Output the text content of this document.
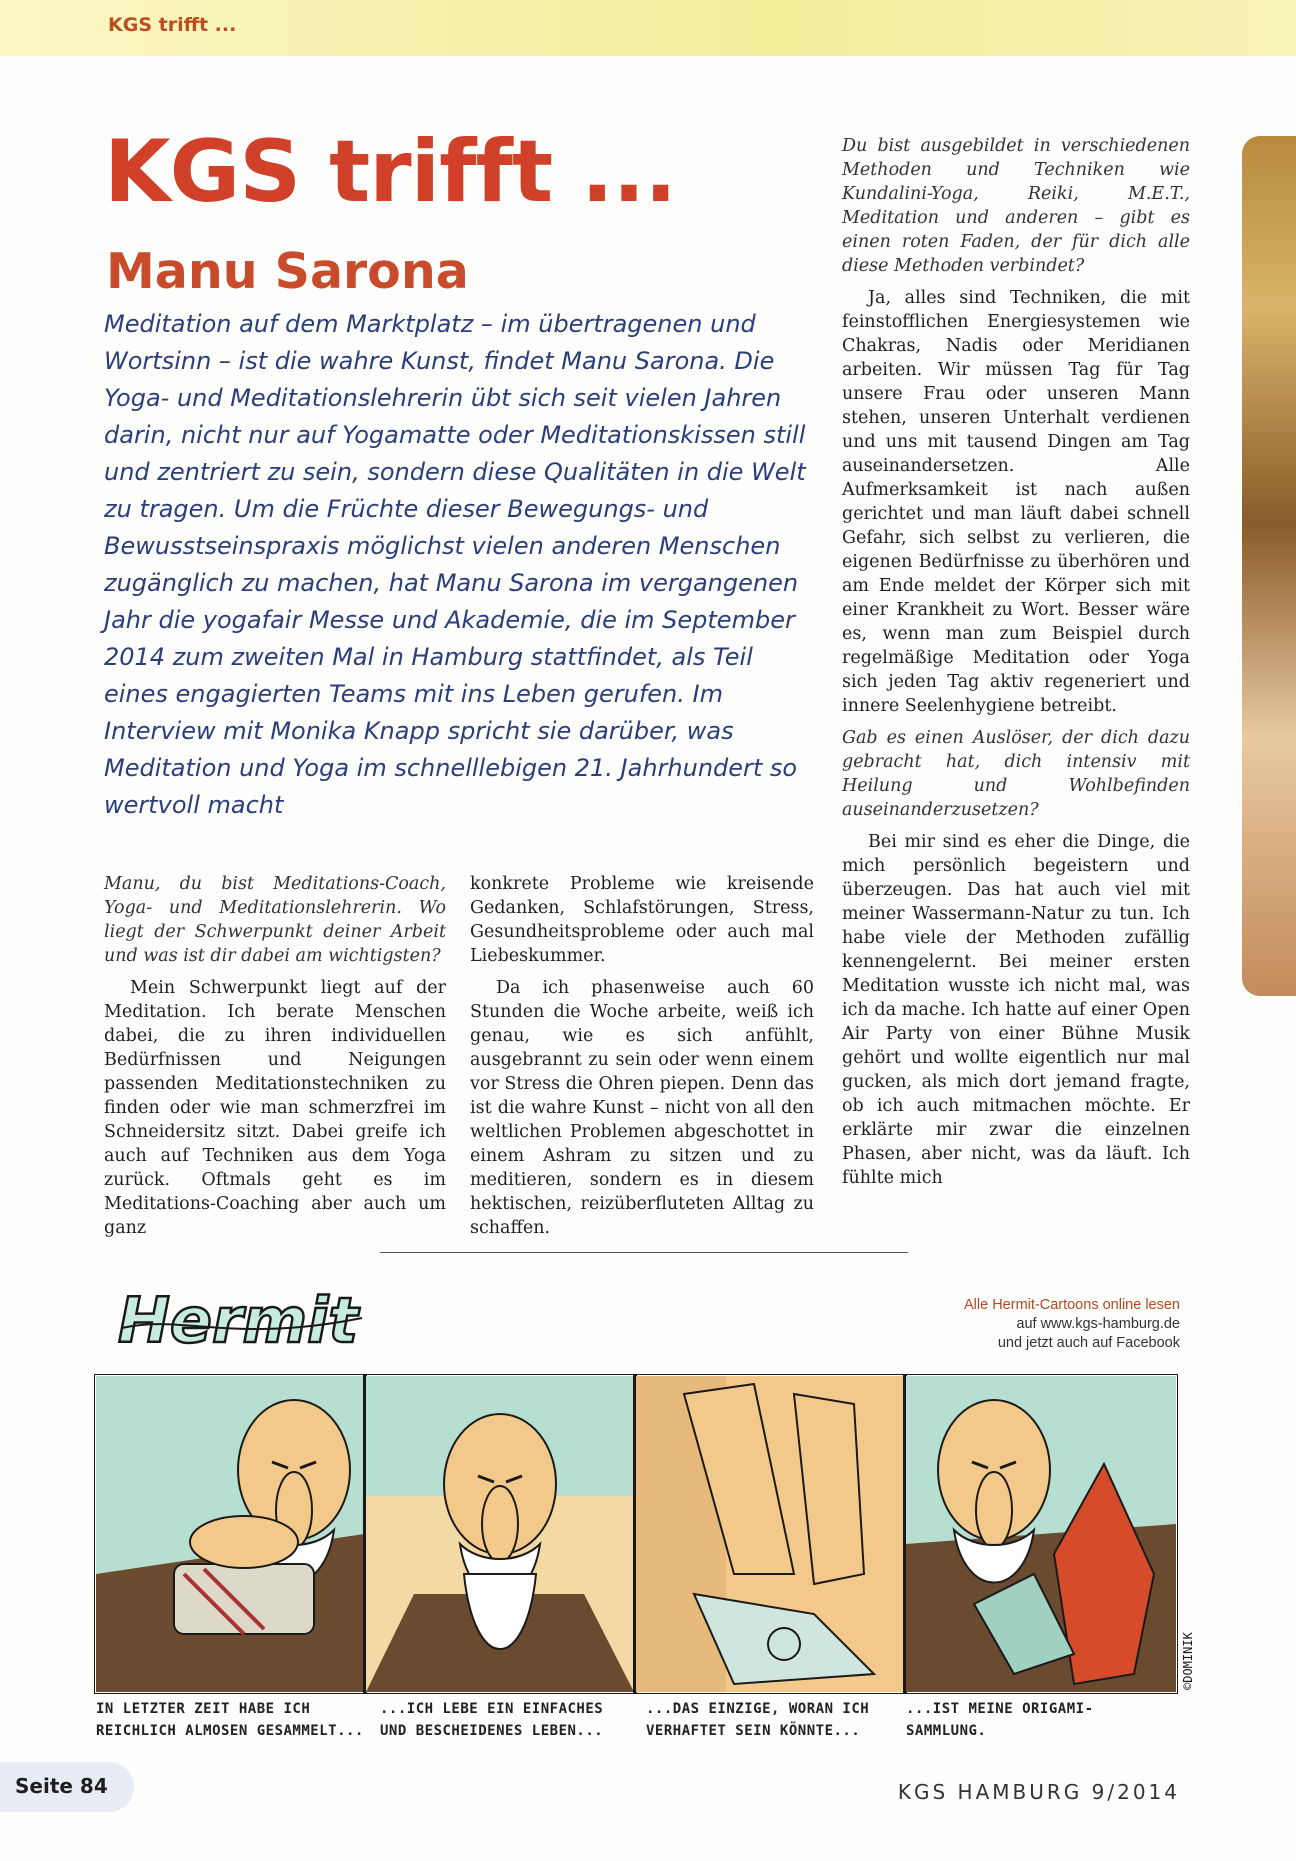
KGS trifft ...
KGS trifft ...
Manu Sarona
Meditation auf dem Marktplatz – im übertragenen und Wortsinn – ist die wahre Kunst, findet Manu Sarona. Die Yoga- und Meditationslehrerin übt sich seit vielen Jahren darin, nicht nur auf Yogamatte oder Meditationskissen still und zentriert zu sein, sondern diese Qualitäten in die Welt zu tragen. Um die Früchte dieser Bewegungs- und Bewusstseinspraxis möglichst vielen anderen Menschen zugänglich zu machen, hat Manu Sarona im vergangenen Jahr die yogafair Messe und Akademie, die im September 2014 zum zweiten Mal in Hamburg stattfindet, als Teil eines engagierten Teams mit ins Leben gerufen. Im Interview mit Monika Knapp spricht sie darüber, was Meditation und Yoga im schnelllebigen 21. Jahrhundert so wertvoll macht

Manu, du bist Meditations-Coach, Yoga- und Meditationslehrerin. Wo liegt der Schwerpunkt deiner Arbeit und was ist dir dabei am wichtigsten?

Mein Schwerpunkt liegt auf der Meditation. Ich berate Menschen dabei, die zu ihren individuellen Bedürfnissen und Neigungen passenden Meditationstechniken zu finden oder wie man schmerzfrei im Schneidersitz sitzt. Dabei greife ich auch auf Techniken aus dem Yoga zurück. Oftmals geht es im Meditations-Coaching aber auch um ganz

konkrete Probleme wie kreisende Gedanken, Schlafstörungen, Stress, Gesundheitsprobleme oder auch mal Liebeskummer.

Da ich phasenweise auch 60 Stunden die Woche arbeite, weiß ich genau, wie es sich anfühlt, ausgebrannt zu sein oder wenn einem vor Stress die Ohren piepen. Denn das ist die wahre Kunst – nicht von all den weltlichen Problemen abgeschottet in einem Ashram zu sitzen und zu meditieren, sondern es in diesem hektischen, reizüberfluteten Alltag zu schaffen.

Du bist ausgebildet in verschiedenen Methoden und Techniken wie Kundalini-Yoga, Reiki, M.E.T., Meditation und anderen – gibt es einen roten Faden, der für dich alle diese Methoden verbindet?

Ja, alles sind Techniken, die mit feinstofflichen Energiesystemen wie Chakras, Nadis oder Meridianen arbeiten. Wir müssen Tag für Tag unsere Frau oder unseren Mann stehen, unseren Unterhalt verdienen und uns mit tausend Dingen am Tag auseinandersetzen. Alle Aufmerksamkeit ist nach außen gerichtet und man läuft dabei schnell Gefahr, sich selbst zu verlieren, die eigenen Bedürfnisse zu überhören und am Ende meldet der Körper sich mit einer Krankheit zu Wort. Besser wäre es, wenn man zum Beispiel durch regelmäßige Meditation oder Yoga sich jeden Tag aktiv regeneriert und innere Seelenhygiene betreibt.

Gab es einen Auslöser, der dich dazu gebracht hat, dich intensiv mit Heilung und Wohlbefinden auseinanderzusetzen?

Bei mir sind es eher die Dinge, die mich persönlich begeistern und überzeugen. Das hat auch viel mit meiner Wassermann-Natur zu tun. Ich habe viele der Methoden zufällig kennengelernt. Bei meiner ersten Meditation wusste ich nicht mal, was ich da mache. Ich hatte auf einer Open Air Party von einer Bühne Musik gehört und wollte eigentlich nur mal gucken, als mich dort jemand fragte, ob ich auch mitmachen möchte. Er erklärte mir zwar die einzelnen Phasen, aber nicht, was da läuft. Ich fühlte mich

Hermit	Alle Hermit-Cartoons online lesen
auf www.kgs-hamburg.de
und jetzt auch auf Facebook
©DOMINIK
IN LETZTER ZEIT HABE ICH
REICHLICH ALMOSEN GESAMMELT...
...ICH LEBE EIN EINFACHES
UND BESCHEIDENES LEBEN...
...DAS EINZIGE, WORAN ICH
VERHAFTET SEIN KÖNNTE...
...IST MEINE ORIGAMI-
SAMMLUNG.
Seite 84	KGS HAMBURG 9/2014
